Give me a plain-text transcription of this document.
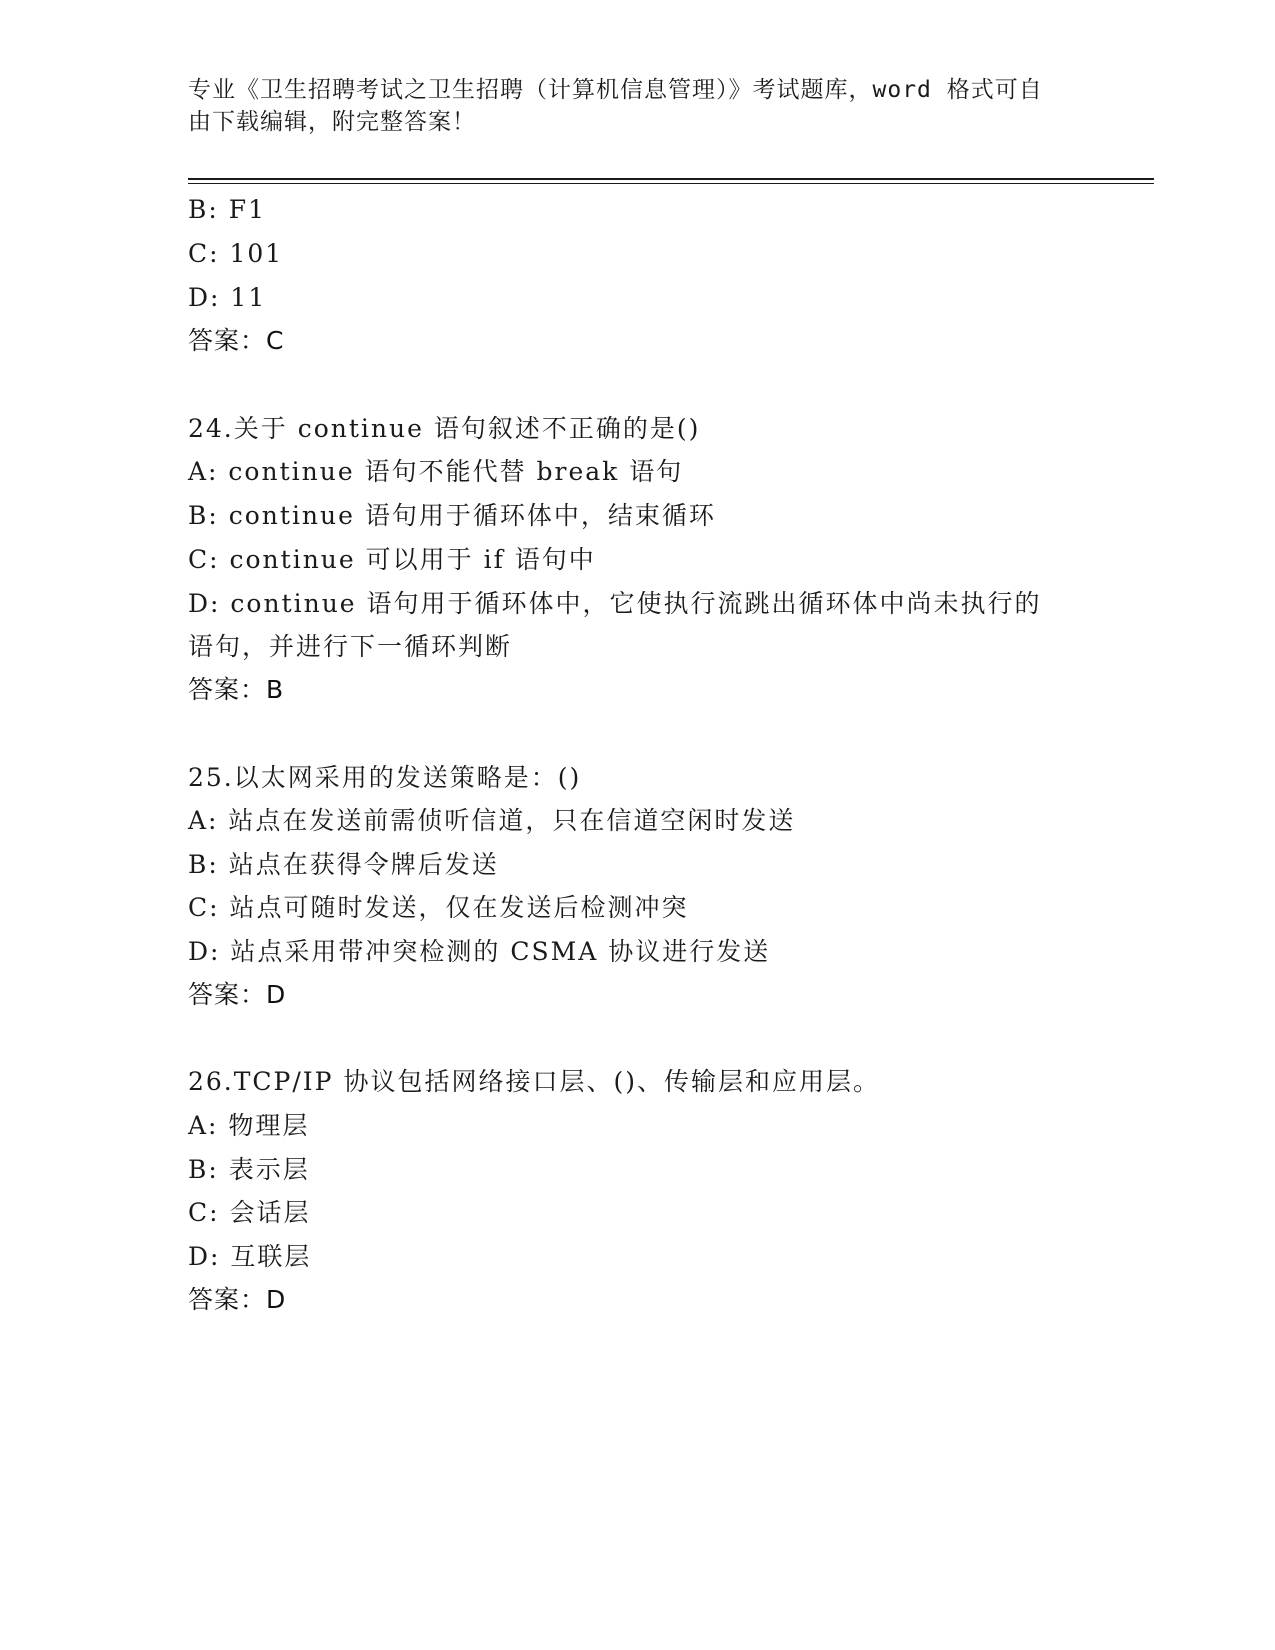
专业《卫生招聘考试之卫生招聘（计算机信息管理）》考试题库，word 格式可自
由下载编辑，附完整答案！
B: F1
C: 101
D: 11
答案：C
24.关于 continue 语句叙述不正确的是()
A: continue 语句不能代替 break 语句
B: continue 语句用于循环体中，结束循环
C: continue 可以用于 if 语句中
D: continue 语句用于循环体中，它使执行流跳出循环体中尚未执行的
语句，并进行下一循环判断
答案：B
25.以太网采用的发送策略是：()
A: 站点在发送前需侦听信道，只在信道空闲时发送
B: 站点在获得令牌后发送
C: 站点可随时发送，仅在发送后检测冲突
D: 站点采用带冲突检测的 CSMA 协议进行发送
答案：D
26.TCP/IP 协议包括网络接口层、()、传输层和应用层。
A: 物理层
B: 表示层
C: 会话层
D: 互联层
答案：D
